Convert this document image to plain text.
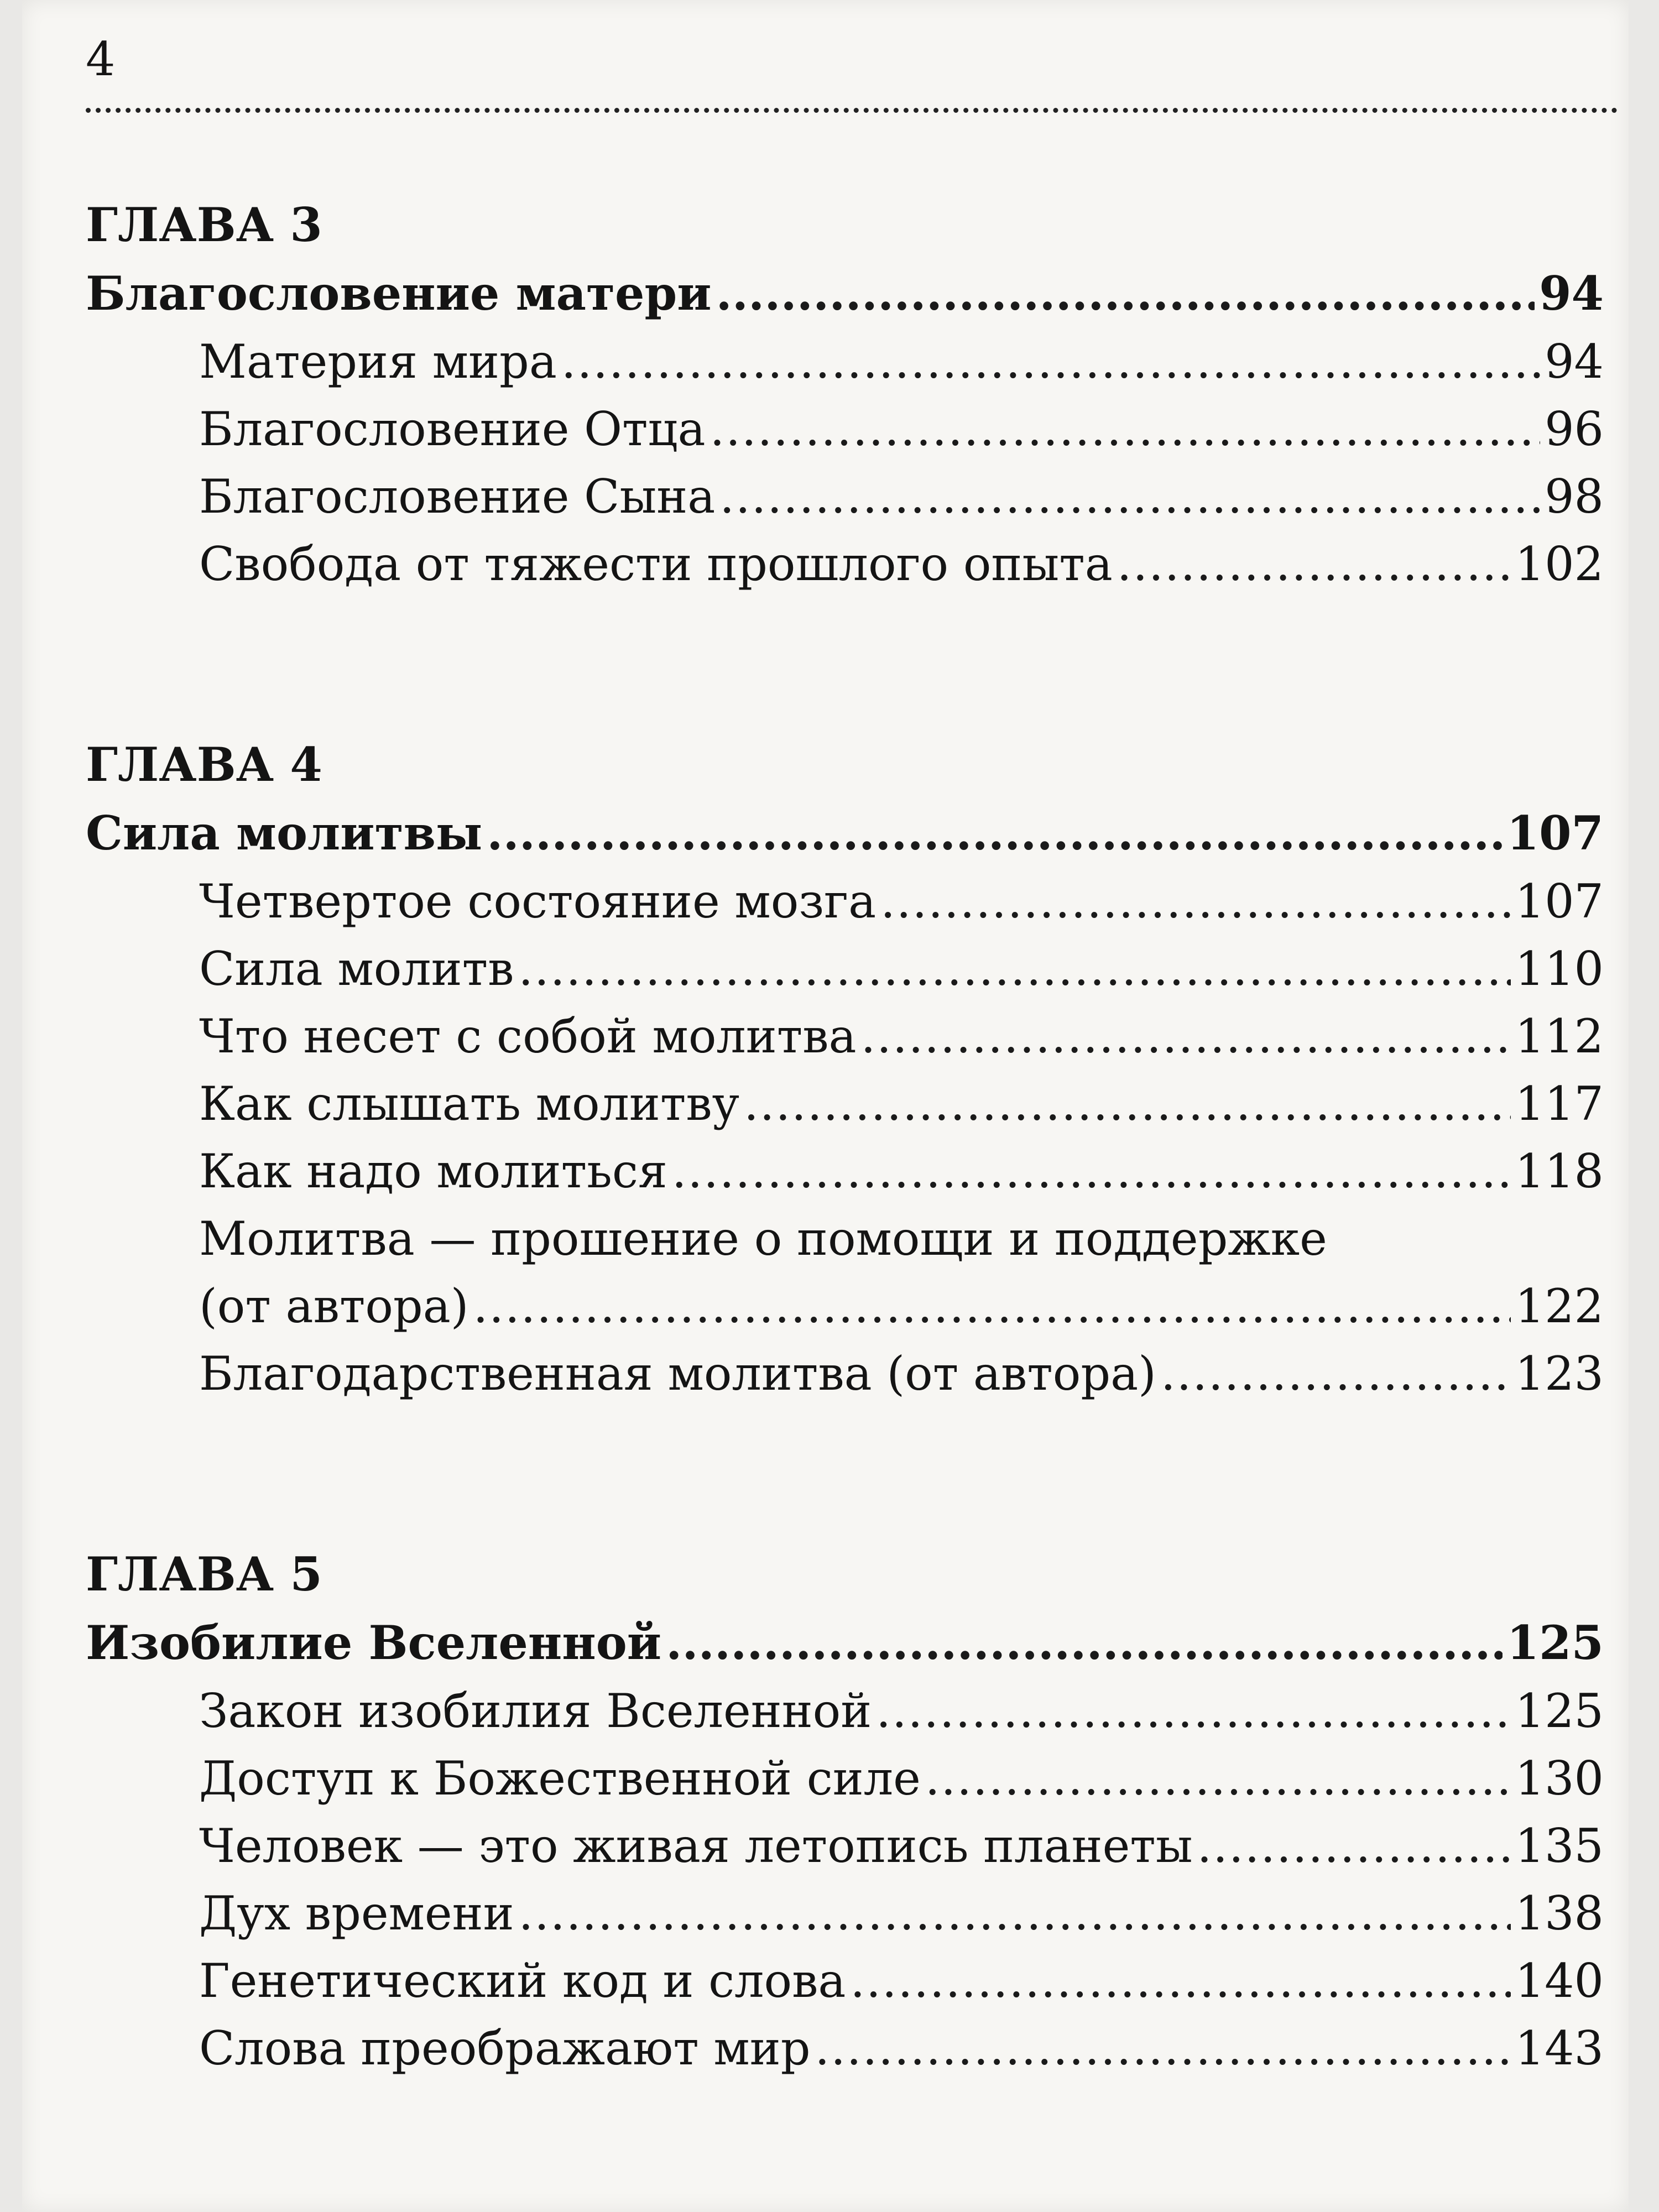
4
ГЛАВА 3
Благословение матери .....	94
Материя мира .....	94
Благословение Отца .....	96
Благословение Сына .....	98
Свобода от тяжести прошлого опыта .....	102
ГЛАВА 4
Сила молитвы .....	107
Четвертое состояние мозга .....	107
Сила молитв .....	110
Что несет с собой молитва .....	112
Как слышать молитву .....	117
Как надо молиться .....	118
Молитва — прошение о помощи и поддержке
(от автора) .....	122
Благодарственная молитва (от автора) .....	123
ГЛАВА 5
Изобилие Вселенной .....	125
Закон изобилия Вселенной .....	125
Доступ к Божественной силе .....	130
Человек — это живая летопись планеты .....	135
Дух времени .....	138
Генетический код и слова .....	140
Слова преображают мир .....	143
